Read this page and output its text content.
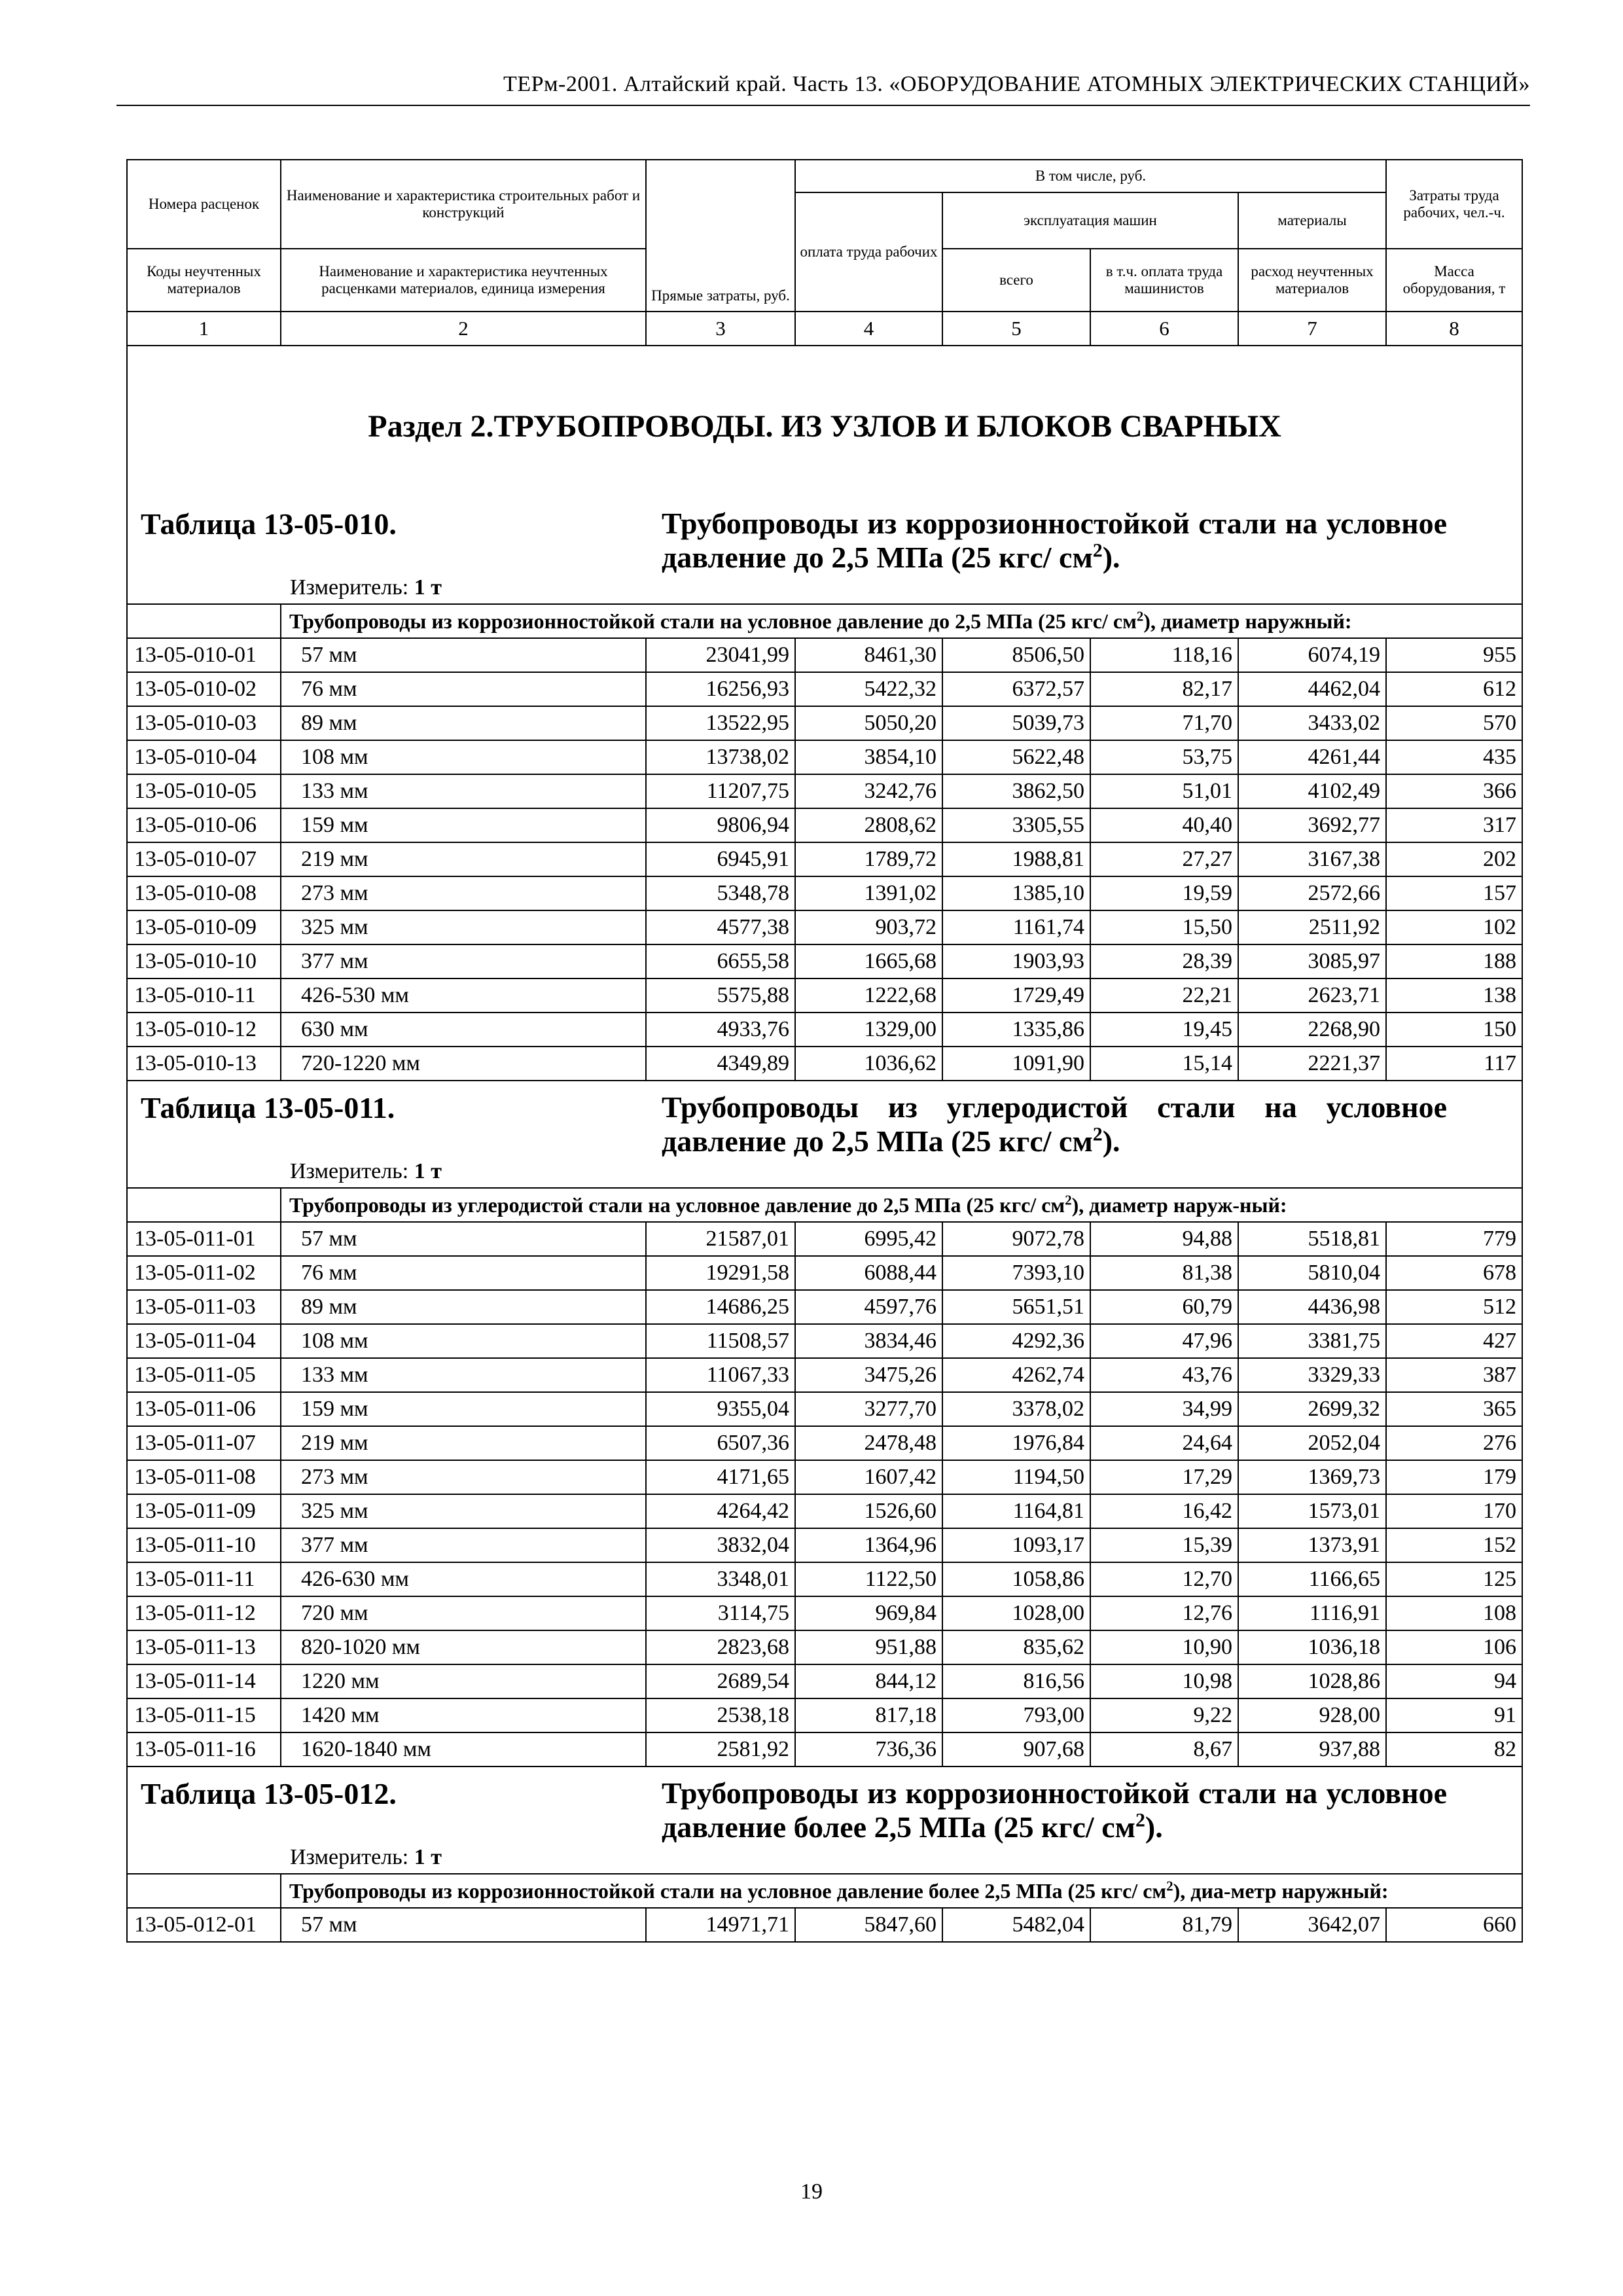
ТЕРм-2001. Алтайский край. Часть 13. «ОБОРУДОВАНИЕ АТОМНЫХ ЭЛЕКТРИЧЕСКИХ СТАНЦИЙ»
Номера расценок	Наименование и характеристика строительных работ и конструкций	Прямые затраты, руб.	В том числе, руб.				Затраты труда рабочих, чел.-ч.
			оплата труда рабочих	эксплуатация машин		материалы	
Коды неучтенных материалов	Наименование и характеристика неучтенных расценками материалов, единица измерения			всего	в т.ч. оплата труда машинистов	расход неучтенных материалов	Масса оборудования, т
1	2	3	4	5	6	7	8

Раздел 2.ТРУБОПРОВОДЫ. ИЗ УЗЛОВ И БЛОКОВ СВАРНЫХ
Таблица 13-05-010. Трубопроводы из коррозионностойкой стали на условное давление до 2,5 МПа (25 кгс/ $см^2$).
Измеритель: 1 т							

	Трубопроводы из коррозионностойкой стали на условное давление до 2,5 МПа (25 кгс/ $см^2$), диаметр наружный:						
13-05-010-01	57 мм	23041,99	8461,30	8506,50	118,16	6074,19	955
13-05-010-02	76 мм	16256,93	5422,32	6372,57	82,17	4462,04	612
13-05-010-03	89 мм	13522,95	5050,20	5039,73	71,70	3433,02	570
13-05-010-04	108 мм	13738,02	3854,10	5622,48	53,75	4261,44	435
13-05-010-05	133 мм	11207,75	3242,76	3862,50	51,01	4102,49	366
13-05-010-06	159 мм	9806,94	2808,62	3305,55	40,40	3692,77	317
13-05-010-07	219 мм	6945,91	1789,72	1988,81	27,27	3167,38	202
13-05-010-08	273 мм	5348,78	1391,02	1385,10	19,59	2572,66	157
13-05-010-09	325 мм	4577,38	903,72	1161,74	15,50	2511,92	102
13-05-010-10	377 мм	6655,58	1665,68	1903,93	28,39	3085,97	188
13-05-010-11	426-530 мм	5575,88	1222,68	1729,49	22,21	2623,71	138
13-05-010-12	630 мм	4933,76	1329,00	1335,86	19,45	2268,90	150
13-05-010-13	720-1220 мм	4349,89	1036,62	1091,90	15,14	2221,37	117

Таблица 13-05-011. Трубопроводы из углеродистой стали на условное давление до 2,5 МПа (25 кгс/ $см^2$).
Измеритель: 1 т							

	Трубопроводы из углеродистой стали на условное давление до 2,5 МПа (25 кгс/ $см^2$), диаметр наруж-ный:						
13-05-011-01	57 мм	21587,01	6995,42	9072,78	94,88	5518,81	779
13-05-011-02	76 мм	19291,58	6088,44	7393,10	81,38	5810,04	678
13-05-011-03	89 мм	14686,25	4597,76	5651,51	60,79	4436,98	512
13-05-011-04	108 мм	11508,57	3834,46	4292,36	47,96	3381,75	427
13-05-011-05	133 мм	11067,33	3475,26	4262,74	43,76	3329,33	387
13-05-011-06	159 мм	9355,04	3277,70	3378,02	34,99	2699,32	365
13-05-011-07	219 мм	6507,36	2478,48	1976,84	24,64	2052,04	276
13-05-011-08	273 мм	4171,65	1607,42	1194,50	17,29	1369,73	179
13-05-011-09	325 мм	4264,42	1526,60	1164,81	16,42	1573,01	170
13-05-011-10	377 мм	3832,04	1364,96	1093,17	15,39	1373,91	152
13-05-011-11	426-630 мм	3348,01	1122,50	1058,86	12,70	1166,65	125
13-05-011-12	720 мм	3114,75	969,84	1028,00	12,76	1116,91	108
13-05-011-13	820-1020 мм	2823,68	951,88	835,62	10,90	1036,18	106
13-05-011-14	1220 мм	2689,54	844,12	816,56	10,98	1028,86	94
13-05-011-15	1420 мм	2538,18	817,18	793,00	9,22	928,00	91
13-05-011-16	1620-1840 мм	2581,92	736,36	907,68	8,67	937,88	82

Таблица 13-05-012. Трубопроводы из коррозионностойкой стали на условное давление более 2,5 МПа (25 кгс/ $см^2$).
Измеритель: 1 т							

	Трубопроводы из коррозионностойкой стали на условное давление более 2,5 МПа (25 кгс/ $см^2$), диа-метр наружный:						
13-05-012-01	57 мм	14971,71	5847,60	5482,04	81,79	3642,07	660
19
